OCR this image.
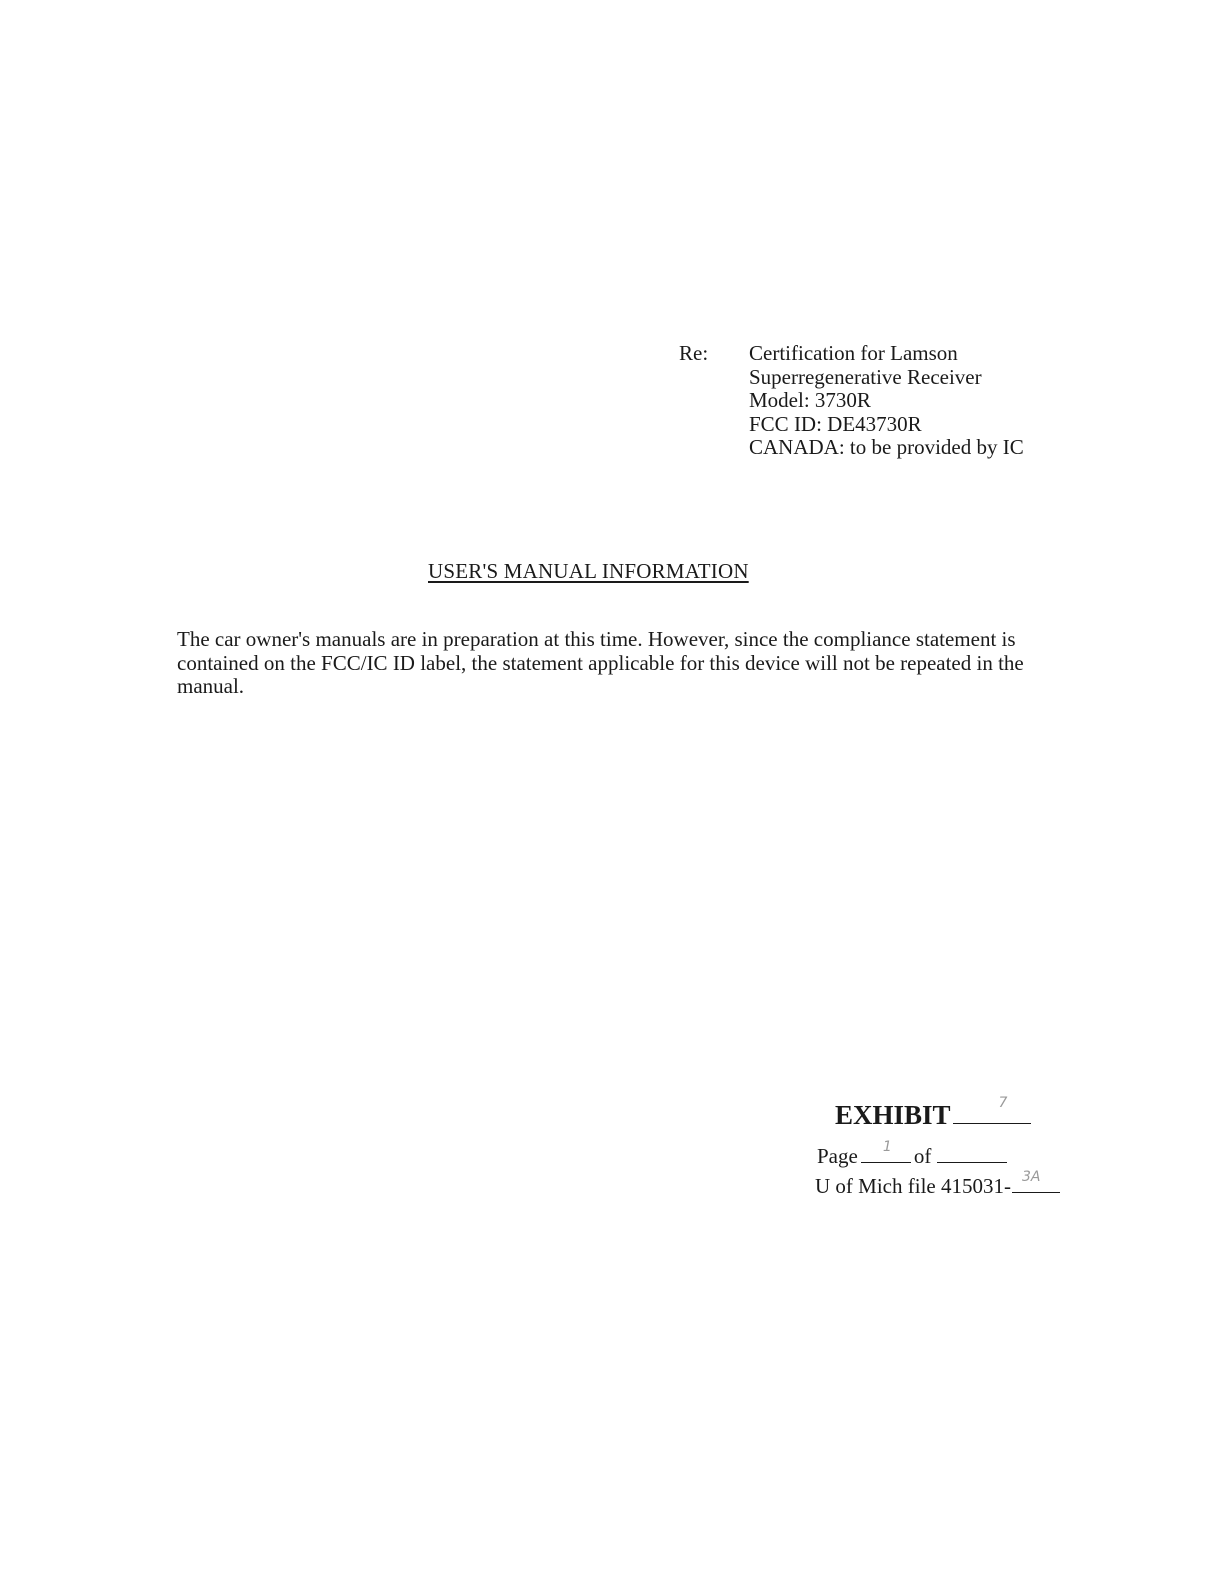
Re:	Certification for Lamson
Superregenerative Receiver
Model: 3730R
FCC ID: DE43730R
CANADA: to be provided by IC
USER'S MANUAL INFORMATION
The car owner's manuals are in preparation at this time. However, since the compliance statement is contained on the FCC/IC ID label, the statement applicable for this device will not be repeated in the manual.
EXHIBIT	7
Page 1 of
U of Mich file 415031- 3A
